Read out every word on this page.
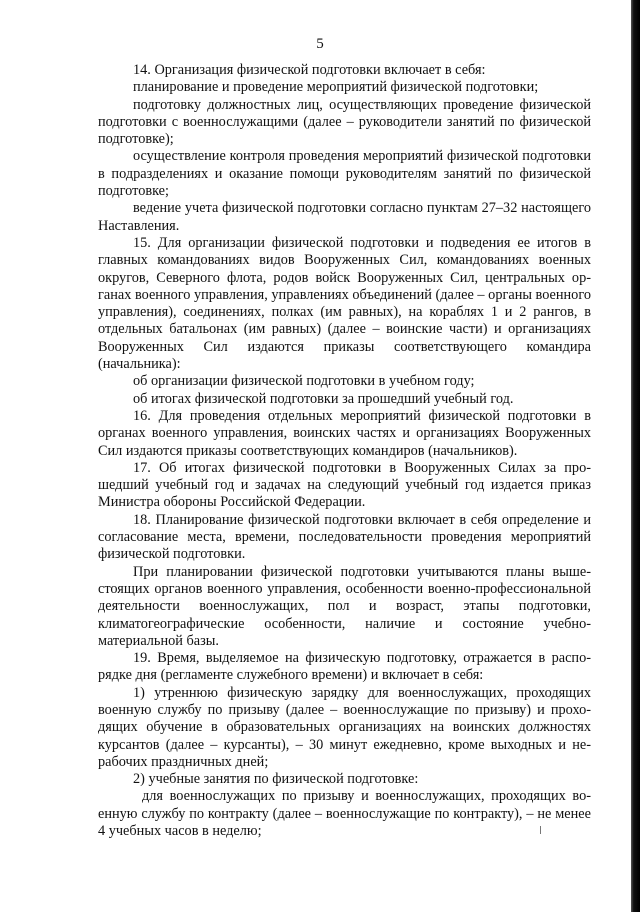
5

14. Организация физической подготовки включает в себя:

планирование и проведение мероприятий физической подготовки;

подготовку должностных лиц, осуществляющих проведение физической подготовки с военнослужащими (далее – руководители занятий по физической подготовке);

осуществление контроля проведения мероприятий физической подготовки в подразделениях и оказание помощи руководителям занятий по физической подготовке;

ведение учета физической подготовки согласно пунктам 27–32 настоящего Наставления.

15. Для организации физической подготовки и подведения ее итогов в главных командованиях видов Вооруженных Сил, командованиях военных округов, Северного флота, родов войск Вооруженных Сил, центральных органах военного управления, управлениях объединений (далее – органы военного управления), соединениях, полках (им равных), на кораблях 1 и 2 рангов, в отдельных батальонах (им равных) (далее – воинские части) и организациях Вооруженных Сил издаются приказы соответствующего командира (начальника):

об организации физической подготовки в учебном году;

об итогах физической подготовки за прошедший учебный год.

16. Для проведения отдельных мероприятий физической подготовки в органах военного управления, воинских частях и организациях Вооруженных Сил издаются приказы соответствующих командиров (начальников).

17. Об итогах физической подготовки в Вооруженных Силах за прошедший учебный год и задачах на следующий учебный год издается приказ Министра обороны Российской Федерации.

18. Планирование физической подготовки включает в себя определение и согласование места, времени, последовательности проведения мероприятий физической подготовки.

При планировании физической подготовки учитываются планы вышестоящих органов военного управления, особенности военно-профессиональной деятельности военнослужащих, пол и возраст, этапы подготовки, климатогеографические особенности, наличие и состояние учебно-материальной базы.

19. Время, выделяемое на физическую подготовку, отражается в распорядке дня (регламенте служебного времени) и включает в себя:

1) утреннюю физическую зарядку для военнослужащих, проходящих военную службу по призыву (далее – военнослужащие по призыву) и проходящих обучение в образовательных организациях на воинских должностях курсантов (далее – курсанты), – 30 минут ежедневно, кроме выходных и нерабочих праздничных дней;

2) учебные занятия по физической подготовке:

для военнослужащих по призыву и военнослужащих, проходящих военную службу по контракту (далее – военнослужащие по контракту), – не менее 4 учебных часов в неделю;
